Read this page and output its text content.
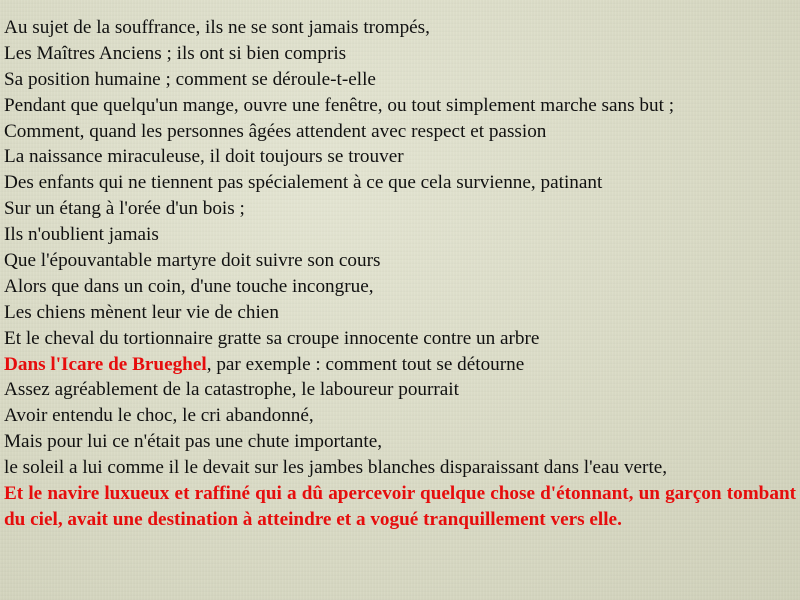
Au sujet de la souffrance, ils ne se sont jamais trompés,
Les Maîtres Anciens ; ils ont si bien compris
Sa position humaine ; comment se déroule-t-elle
Pendant que quelqu'un mange, ouvre une fenêtre, ou tout simplement marche sans but ;
Comment, quand les personnes âgées attendent avec respect et passion
La naissance miraculeuse, il doit toujours se trouver
Des enfants qui ne tiennent pas spécialement à ce que cela survienne, patinant
Sur un étang à l'orée d'un bois ;
Ils n'oublient jamais
Que l'épouvantable martyre doit suivre son cours
Alors que dans un coin, d'une touche incongrue,
Les chiens mènent leur vie de chien
Et le cheval du tortionnaire gratte sa croupe innocente contre un arbre
Dans l'Icare de Brueghel, par exemple : comment tout se détourne
Assez agréablement de la catastrophe, le laboureur pourrait
Avoir entendu le choc, le cri abandonné,
Mais pour lui ce n'était pas une chute importante,
le soleil a lui comme il le devait sur les jambes blanches disparaissant dans l'eau verte,
Et le navire luxueux et raffiné qui a dû apercevoir quelque chose d'étonnant, un garçon tombant du ciel, avait une destination à atteindre et a vogué tranquillement vers elle.
